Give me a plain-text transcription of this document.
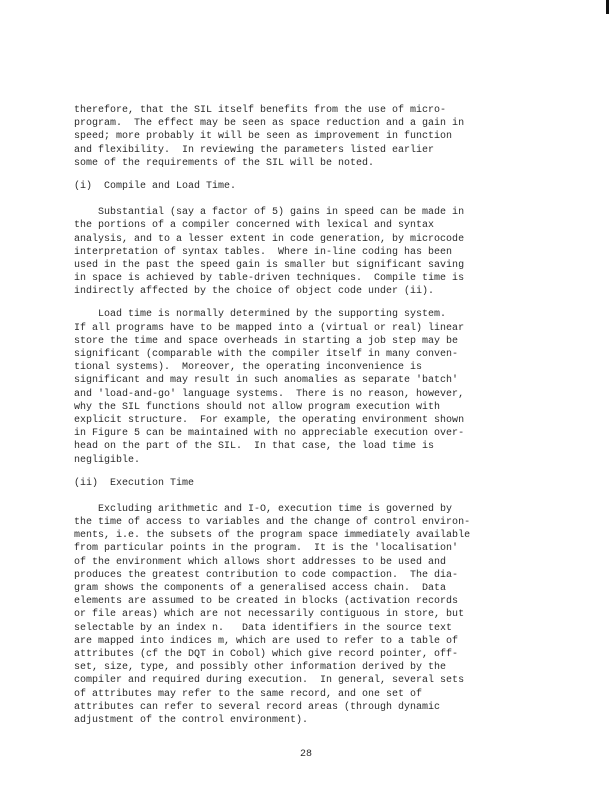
therefore, that the SIL itself benefits from the use of micro-
program.  The effect may be seen as space reduction and a gain in
speed; more probably it will be seen as improvement in function
and flexibility.  In reviewing the parameters listed earlier
some of the requirements of the SIL will be noted.
(i)  Compile and Load Time.
Substantial (say a factor of 5) gains in speed can be made in
the portions of a compiler concerned with lexical and syntax
analysis, and to a lesser extent in code generation, by microcode
interpretation of syntax tables.  Where in-line coding has been
used in the past the speed gain is smaller but significant saving
in space is achieved by table-driven techniques.  Compile time is
indirectly affected by the choice of object code under (ii).
Load time is normally determined by the supporting system.
If all programs have to be mapped into a (virtual or real) linear
store the time and space overheads in starting a job step may be
significant (comparable with the compiler itself in many conven-
tional systems).  Moreover, the operating inconvenience is
significant and may result in such anomalies as separate 'batch'
and 'load-and-go' language systems.  There is no reason, however,
why the SIL functions should not allow program execution with
explicit structure.  For example, the operating environment shown
in Figure 5 can be maintained with no appreciable execution over-
head on the part of the SIL.  In that case, the load time is
negligible.
(ii)  Execution Time
Excluding arithmetic and I-O, execution time is governed by
the time of access to variables and the change of control environ-
ments, i.e. the subsets of the program space immediately available
from particular points in the program.  It is the 'localisation'
of the environment which allows short addresses to be used and
produces the greatest contribution to code compaction.  The dia-
gram shows the components of a generalised access chain.  Data
elements are assumed to be created in blocks (activation records
or file areas) which are not necessarily contiguous in store, but
selectable by an index n.   Data identifiers in the source text
are mapped into indices m, which are used to refer to a table of
attributes (cf the DQT in Cobol) which give record pointer, off-
set, size, type, and possibly other information derived by the
compiler and required during execution.  In general, several sets
of attributes may refer to the same record, and one set of
attributes can refer to several record areas (through dynamic
adjustment of the control environment).
28
